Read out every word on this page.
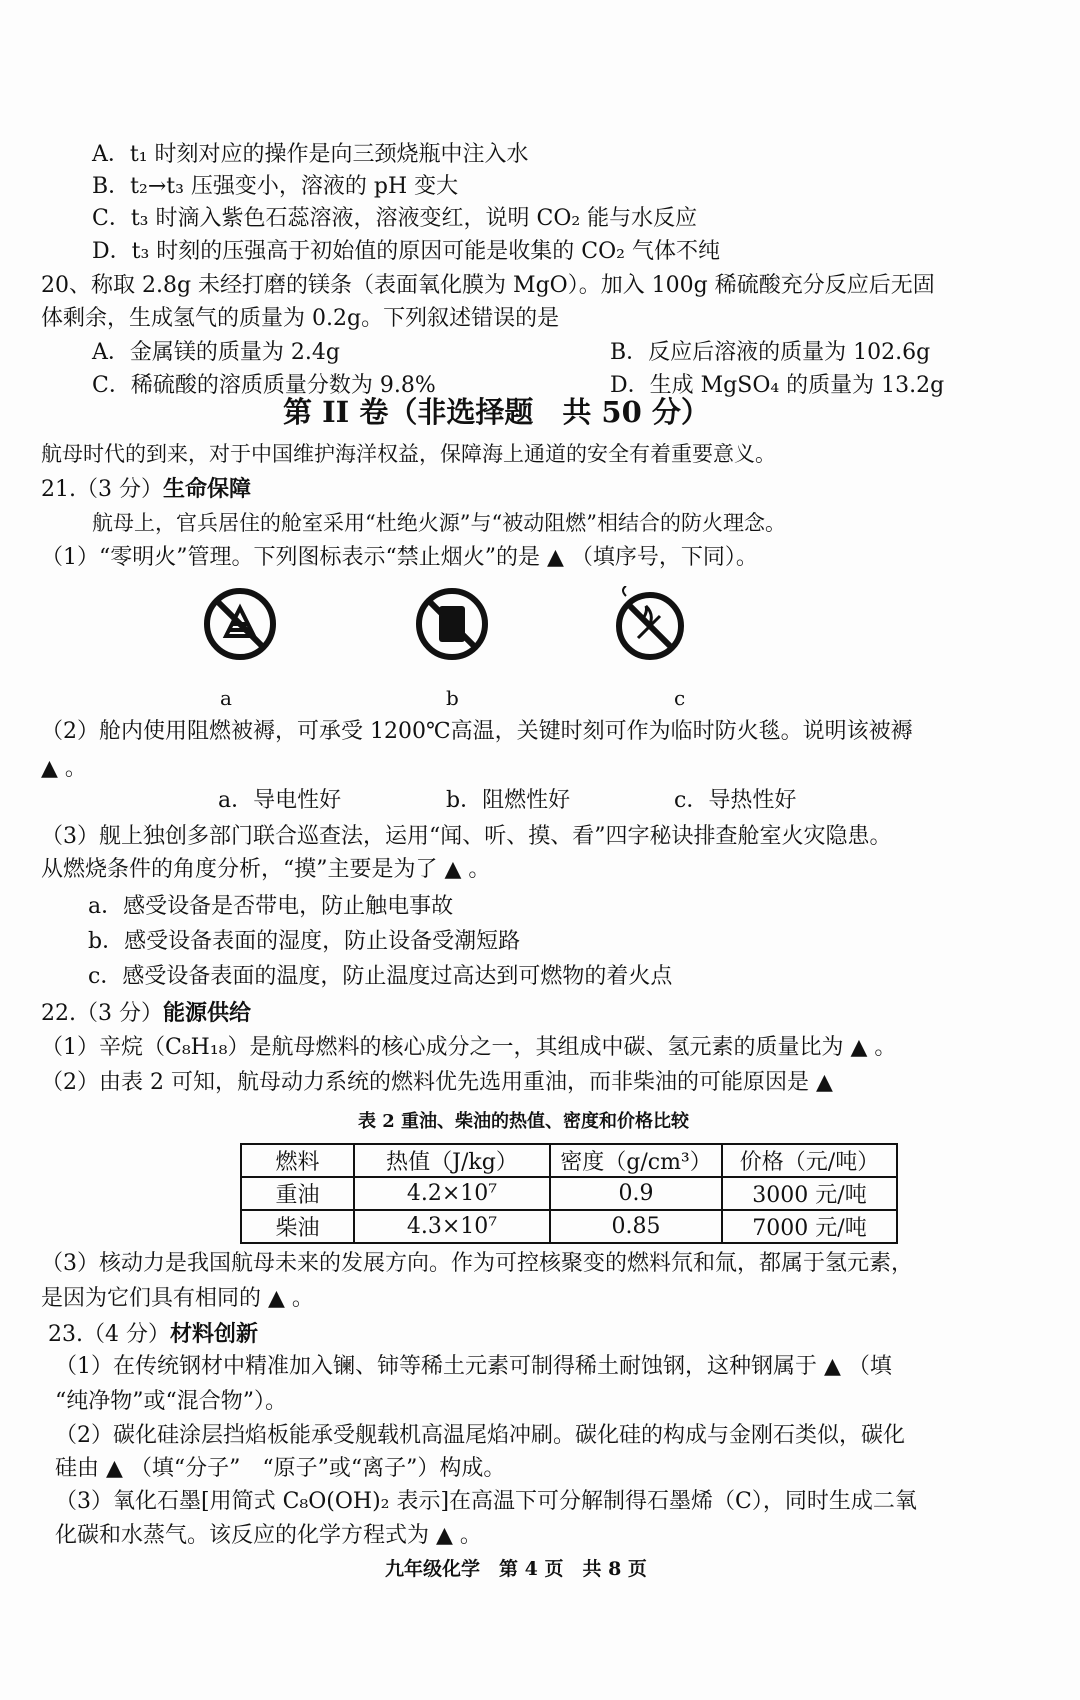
A．t₁ 时刻对应的操作是向三颈烧瓶中注入水
B．t₂→t₃ 压强变小，溶液的 pH 变大
C．t₃ 时滴入紫色石蕊溶液，溶液变红，说明 CO₂ 能与水反应
D．t₃ 时刻的压强高于初始值的原因可能是收集的 CO₂ 气体不纯
20、称取 2.8g 未经打磨的镁条（表面氧化膜为 MgO）。加入 100g 稀硫酸充分反应后无固
体剩余，生成氢气的质量为 0.2g。下列叙述错误的是
A．金属镁的质量为 2.4g	B．反应后溶液的质量为 102.6g
C．稀硫酸的溶质质量分数为 9.8%	D．生成 MgSO₄ 的质量为 13.2g
第 II 卷（非选择题　共 50 分）
航母时代的到来，对于中国维护海洋权益，保障海上通道的安全有着重要意义。
21.（3 分）生命保障
航母上，官兵居住的舱室采用“杜绝火源”与“被动阻燃”相结合的防火理念。
（1）“零明火”管理。下列图标表示“禁止烟火”的是 ▲ （填序号，下同）。
a	b	c
（2）舱内使用阻燃被褥，可承受 1200℃高温，关键时刻可作为临时防火毯。说明该被褥
▲ 。
a．导电性好	b．阻燃性好	c．导热性好
（3）舰上独创多部门联合巡查法，运用“闻、听、摸、看”四字秘诀排查舱室火灾隐患。
从燃烧条件的角度分析，“摸”主要是为了 ▲ 。
a．感受设备是否带电，防止触电事故
b．感受设备表面的湿度，防止设备受潮短路
c．感受设备表面的温度，防止温度过高达到可燃物的着火点
22.（3 分）能源供给
（1）辛烷（C₈H₁₈）是航母燃料的核心成分之一，其组成中碳、氢元素的质量比为 ▲ 。
（2）由表 2 可知，航母动力系统的燃料优先选用重油，而非柴油的可能原因是 ▲
表 2 重油、柴油的热值、密度和价格比较
燃料	热值（J/kg）	密度（g/cm³）	价格（元/吨）
重油	4.2×10⁷	0.9	3000 元/吨
柴油	4.3×10⁷	0.85	7000 元/吨
（3）核动力是我国航母未来的发展方向。作为可控核聚变的燃料氘和氚，都属于氢元素，
是因为它们具有相同的 ▲ 。
23.（4 分）材料创新
（1）在传统钢材中精准加入镧、铈等稀土元素可制得稀土耐蚀钢，这种钢属于 ▲ （填
“纯净物”或“混合物”）。
（2）碳化硅涂层挡焰板能承受舰载机高温尾焰冲刷。碳化硅的构成与金刚石类似，碳化
硅由 ▲ （填“分子”　“原子”或“离子”）构成。
（3）氧化石墨[用简式 C₈O(OH)₂ 表示]在高温下可分解制得石墨烯（C），同时生成二氧
化碳和水蒸气。该反应的化学方程式为 ▲ 。
九年级化学　第 4 页　共 8 页
